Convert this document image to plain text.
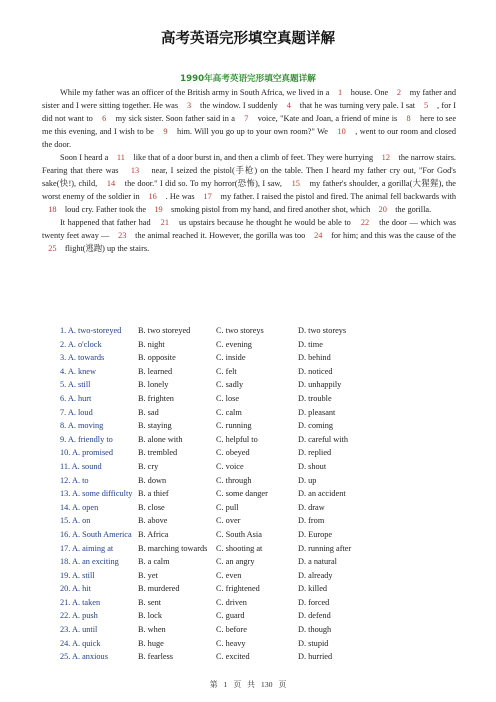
高考英语完形填空真题详解
1990年高考英语完形填空真题详解

While my father was an officer of the British army in South Africa, we lived in a    1    house. One    2    my father and sister and I were sitting together. He was    3    the window. I suddenly    4    that he was turning very pale. I sat    5    , for I did not want to    6    my sick sister. Soon father said in a    7    voice, "Kate and Joan, a friend of mine is    8    here to see me this evening, and I wish to be    9    him. Will you go up to your own room?" We    10    , went to our room and closed the door.

Soon I heard a    11    like that of a door burst in, and then a climb of feet. They were hurrying    12    the narrow stairs. Fearing that there was    13    near, I seized the pistol(手枪) on the table. Then I heard my father cry out, "For God's sake(快!), child,    14    the door." I did so. To my horror(恐怖), I saw,    15    my father's shoulder, a gorilla(大猩猩), the worst enemy of the soldier in    16    . He was    17    my father. I raised the pistol and fired. The animal fell backwards with    18    loud cry. Father took the    19    smoking pistol from my hand, and fired another shot, which    20    the gorilla.

It happened that father had    21    us upstairs because he thought he would be able to    22    the door — which was twenty feet away —    23    the animal reached it. However, the gorilla was too    24    for him; and this was the cause of the    25    flight(逃跑) up the stairs.

1. A. two-storeyed	B. two storeyed	C. two storeys	D. two storeys
2. A. o'clock	B. night	C. evening	D. time
3. A. towards	B. opposite	C. inside	D. behind
4. A. knew	B. learned	C. felt	D. noticed
5. A. still	B. lonely	C. sadly	D. unhappily
6. A. hurt	B. frighten	C. lose	D. trouble
7. A. loud	B. sad	C. calm	D. pleasant
8. A. moving	B. staying	C. running	D. coming
9. A. friendly to	B. alone with	C. helpful to	D. careful with
10. A. promised	B. trembled	C. obeyed	D. replied
11. A. sound	B. cry	C. voice	D. shout
12. A. to	B. down	C. through	D. up
13. A. some difficulty B. a thief	C. some danger	D. an accident
14. A. open	B. close	C. pull	D. draw
15. A. on	B. above	C. over	D. from
16. A. South America B. Africa	C. South Asia	D. Europe
17. A. aiming at	B. marching towards	C. shooting at	D. running after
18. A. an exciting	B. a calm	C. an angry	D. a natural
19. A. still	B. yet	C. even	D. already
20. A. hit	B. murdered	C. frightened	D. killed
21. A. taken	B. sent	C. driven	D. forced
22. A. push	B. lock	C. guard	D. defend
23. A. until	B. when	C. before	D. though
24. A. quick	B. huge	C. heavy	D. stupid
25. A. anxious	B. fearless	C. excited	D. hurried
第 1 页 共 130 页
